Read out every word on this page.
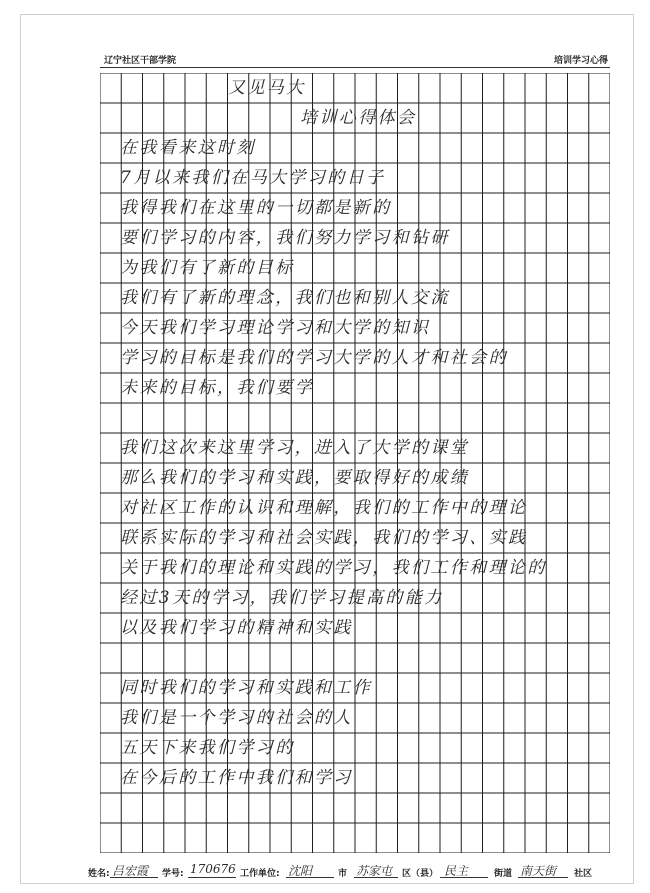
辽宁社区干部学院	培训学习心得
又见马大
培训心得体会
在我看来这时刻
7月以来我们在马大学习的日子
我得我们在这里的一切都是新的
要们学习的内容，我们努力学习和钻研
为我们有了新的目标
我们有了新的理念，我们也和别人交流
今天我们学习理论学习和大学的知识
学习的目标是我们的学习大学的人才和社会的
未来的目标，我们要学
我们这次来这里学习，进入了大学的课堂
那么我们的学习和实践，要取得好的成绩
对社区工作的认识和理解，我们的工作中的理论
联系实际的学习和社会实践，我们的学习、实践
关于我们的理论和实践的学习，我们工作和理论的
经过3天的学习，我们学习提高的能力
以及我们学习的精神和实践
同时我们的学习和实践和工作
我们是一个学习的社会的人
五天下来我们学习的
在今后的工作中我们和学习
姓名: 吕宏霞 学号: 170676 工作单位: 沈阳	市 苏家屯 区（县） 民主	街道 南天街 社区
